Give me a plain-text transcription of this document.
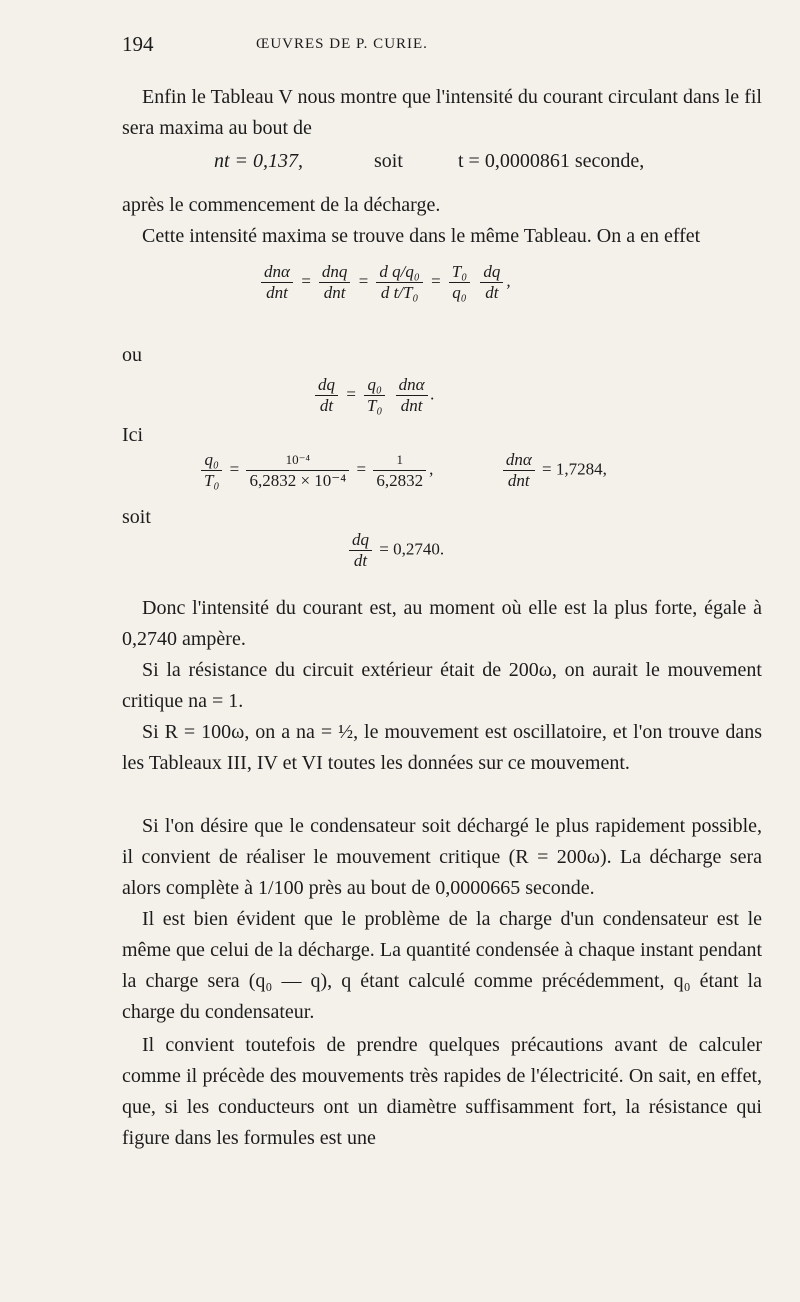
194	ŒUVRES DE P. CURIE.
Enfin le Tableau V nous montre que l'intensité du courant circulant dans le fil sera maxima au bout de
nt = 0,137,	soit	t = 0,0000861 seconde,
après le commencement de la décharge.
Cette intensité maxima se trouve dans le même Tableau. On a en effet
$\frac{\text{dnα}}{\text{dnt}} = \frac{\text{dnq}}{\text{dnt}} = \frac{\text{d q/q₀}}{\text{d t/T₀}} = \frac{\text{T₀}}{\text{q₀}}$
$\frac{dq}{dt}$ ,
ou
$\frac{dq}{dt} = \frac{\text{q₀}}{\text{T₀}}$
$\frac{\text{dnα}}{\text{dnt}}$ .
Ici
$\frac{\text{q₀}}{\text{T₀}} = \frac{\text{10⁻⁴}}{\text{6,2832 × 10⁻⁴}} = \frac{1}{6,2832}$ ,	$\frac{\text{dnα}}{\text{dnt}} = 1,7284$,
soit
$\frac{dq}{dt} = 0,2740$.
Donc l'intensité du courant est, au moment où elle est la plus forte, égale à 0,2740 ampère.
Si la résistance du circuit extérieur était de 200ω, on aurait le mouvement critique na = 1.
Si R = 100ω, on a na = ½, le mouvement est oscillatoire, et l'on trouve dans les Tableaux III, IV et VI toutes les données sur ce mouvement.
Si l'on désire que le condensateur soit déchargé le plus rapidement possible, il convient de réaliser le mouvement critique (R = 200ω). La décharge sera alors complète à 1/100 près au bout de 0,0000665 seconde.
Il est bien évident que le problème de la charge d'un condensateur est le même que celui de la décharge. La quantité condensée à chaque instant pendant la charge sera (q₀ — q), q étant calculé comme précédemment, q₀ étant la charge du condensateur.
Il convient toutefois de prendre quelques précautions avant de calculer comme il précède des mouvements très rapides de l'électricité. On sait, en effet, que, si les conducteurs ont un diamètre suffisamment fort, la résistance qui figure dans les formules est une
